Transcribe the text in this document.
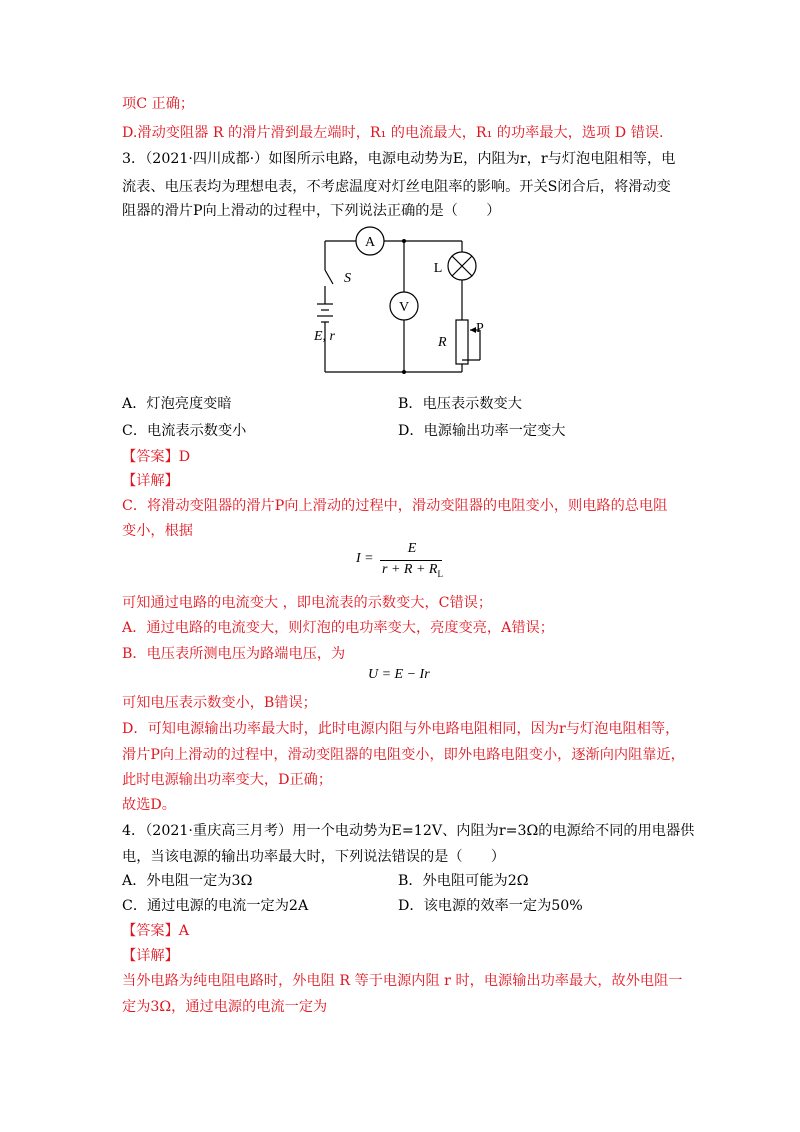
项C 正确；
D.滑动变阻器 R 的滑片滑到最左端时，R₁ 的电流最大，R₁ 的功率最大，选项 D 错误.
3．（2021·四川成都·）如图所示电路，电源电动势为E，内阻为r，r与灯泡电阻相等，电
流表、电压表均为理想电表，不考虑温度对灯丝电阻率的影响。开关S闭合后，将滑动变
阻器的滑片P向上滑动的过程中，下列说法正确的是（　　）
A
V
L
S
E, r	R
P
A．灯泡亮度变暗	B．电压表示数变大
C．电流表示数变小	D．电源输出功率一定变大
【答案】D
【详解】
C．将滑动变阻器的滑片P向上滑动的过程中，滑动变阻器的电阻变小，则电路的总电阻
变小，根据
I =
E
$r + R + R_L$
可知通过电路的电流变大 ，即电流表的示数变大，C错误；
A．通过电路的电流变大，则灯泡的电功率变大，亮度变亮，A错误；
B．电压表所测电压为路端电压，为
U = E − Ir
可知电压表示数变小，B错误；
D．可知电源输出功率最大时，此时电源内阻与外电路电阻相同，因为r与灯泡电阻相等，
滑片P向上滑动的过程中，滑动变阻器的电阻变小，即外电路电阻变小，逐渐向内阻靠近，
此时电源输出功率变大，D正确；
故选D。
4．（2021·重庆高三月考）用一个电动势为E=12V、内阻为r=3Ω的电源给不同的用电器供
电，当该电源的输出功率最大时，下列说法错误的是（　　）
A．外电阻一定为3Ω	B．外电阻可能为2Ω
C．通过电源的电流一定为2A	D．该电源的效率一定为50%
【答案】A
【详解】
当外电路为纯电阻电路时，外电阻 R 等于电源内阻 r 时，电源输出功率最大，故外电阻一
定为3Ω，通过电源的电流一定为
